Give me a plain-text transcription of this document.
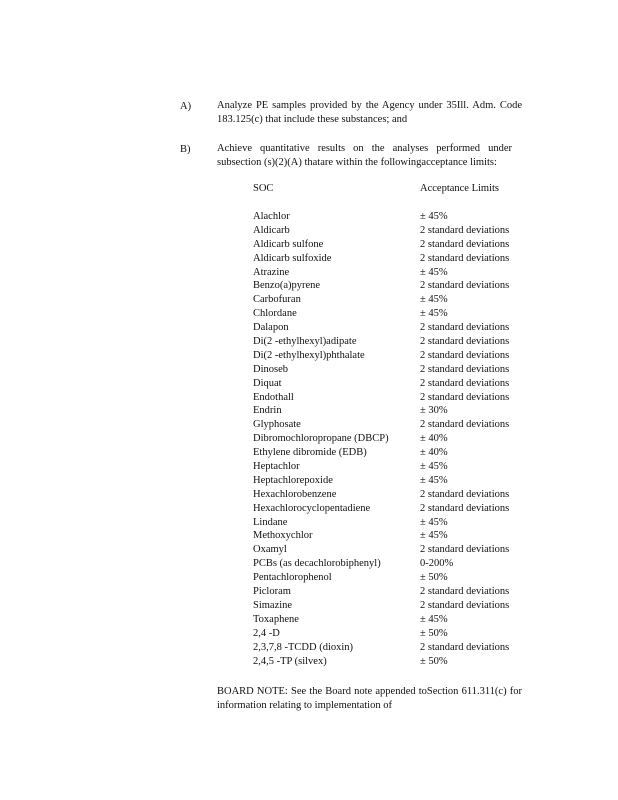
A) Analyze PE samples provided by the Agency under 35Ill. Adm. Code 183.125(c) that include these substances; and
B)	Achieve quantitative results on the analyses performed under subsection (s)(2)(A) thatare within the followingacceptance limits:
SOC	Acceptance Limits
Alachlor	± 45%
Aldicarb	2 standard deviations
Aldicarb sulfone	2 standard deviations
Aldicarb sulfoxide	2 standard deviations
Atrazine	± 45%
Benzo(a)pyrene	2 standard deviations
Carbofuran	± 45%
Chlordane	± 45%
Dalapon	2 standard deviations
Di(2 -ethylhexyl)adipate	2 standard deviations
Di(2 -ethylhexyl)phthalate	2 standard deviations
Dinoseb	2 standard deviations
Diquat	2 standard deviations
Endothall	2 standard deviations
Endrin	± 30%
Glyphosate	2 standard deviations
Dibromochloropropane (DBCP)	± 40%
Ethylene dibromide (EDB)	± 40%
Heptachlor	± 45%
Heptachlorepoxide	± 45%
Hexachlorobenzene	2 standard deviations
Hexachlorocyclopentadiene	2 standard deviations
Lindane	± 45%
Methoxychlor	± 45%
Oxamyl	2 standard deviations
PCBs (as decachlorobiphenyl)	0-200%
Pentachlorophenol	± 50%
Picloram	2 standard deviations
Simazine	2 standard deviations
Toxaphene	± 45%
2,4 -D	± 50%
2,3,7,8 -TCDD (dioxin)	2 standard deviations
2,4,5 -TP (silvex)	± 50%
BOARD NOTE: See the Board note appended toSection 611.311(c) for information relating to implementation of
